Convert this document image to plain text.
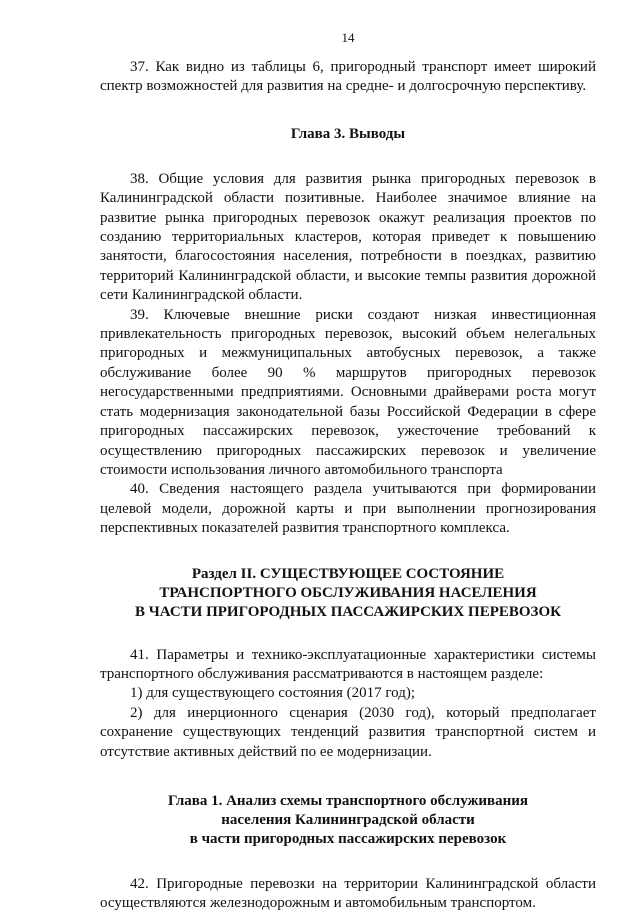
14

37. Как видно из таблицы 6, пригородный транспорт имеет широкий спектр возможностей для развития на средне- и долгосрочную перспективу.

Глава 3. Выводы

38. Общие условия для развития рынка пригородных перевозок в Калининградской области позитивные. Наиболее значимое влияние на развитие рынка пригородных перевозок окажут реализация проектов по созданию территориальных кластеров, которая приведет к повышению занятости, благосостояния населения, потребности в поездках, развитию территорий Калининградской области, и высокие темпы развития дорожной сети Калининградской области.

39. Ключевые внешние риски создают низкая инвестиционная привлекательность пригородных перевозок, высокий объем нелегальных пригородных и межмуниципальных автобусных перевозок, а также обслуживание более 90 % маршрутов пригородных перевозок негосударственными предприятиями. Основными драйверами роста могут стать модернизация законодательной базы Российской Федерации в сфере пригородных пассажирских перевозок, ужесточение требований к осуществлению пригородных пассажирских перевозок и увеличение стоимости использования личного автомобильного транспорта

40. Сведения настоящего раздела учитываются при формировании целевой модели, дорожной карты и при выполнении прогнозирования перспективных показателей развития транспортного комплекса.

Раздел II. СУЩЕСТВУЮЩЕЕ СОСТОЯНИЕ
ТРАНСПОРТНОГО ОБСЛУЖИВАНИЯ НАСЕЛЕНИЯ
В ЧАСТИ ПРИГОРОДНЫХ ПАССАЖИРСКИХ ПЕРЕВОЗОК

41. Параметры и технико-эксплуатационные характеристики системы транспортного обслуживания рассматриваются в настоящем разделе:

1) для существующего состояния (2017 год);

2) для инерционного сценария (2030 год), который предполагает сохранение существующих тенденций развития транспортной систем и отсутствие активных действий по ее модернизации.

Глава 1. Анализ схемы транспортного обслуживания
населения Калининградской области
в части пригородных пассажирских перевозок

42. Пригородные перевозки на территории Калининградской области осуществляются железнодорожным и автомобильным транспортом.
